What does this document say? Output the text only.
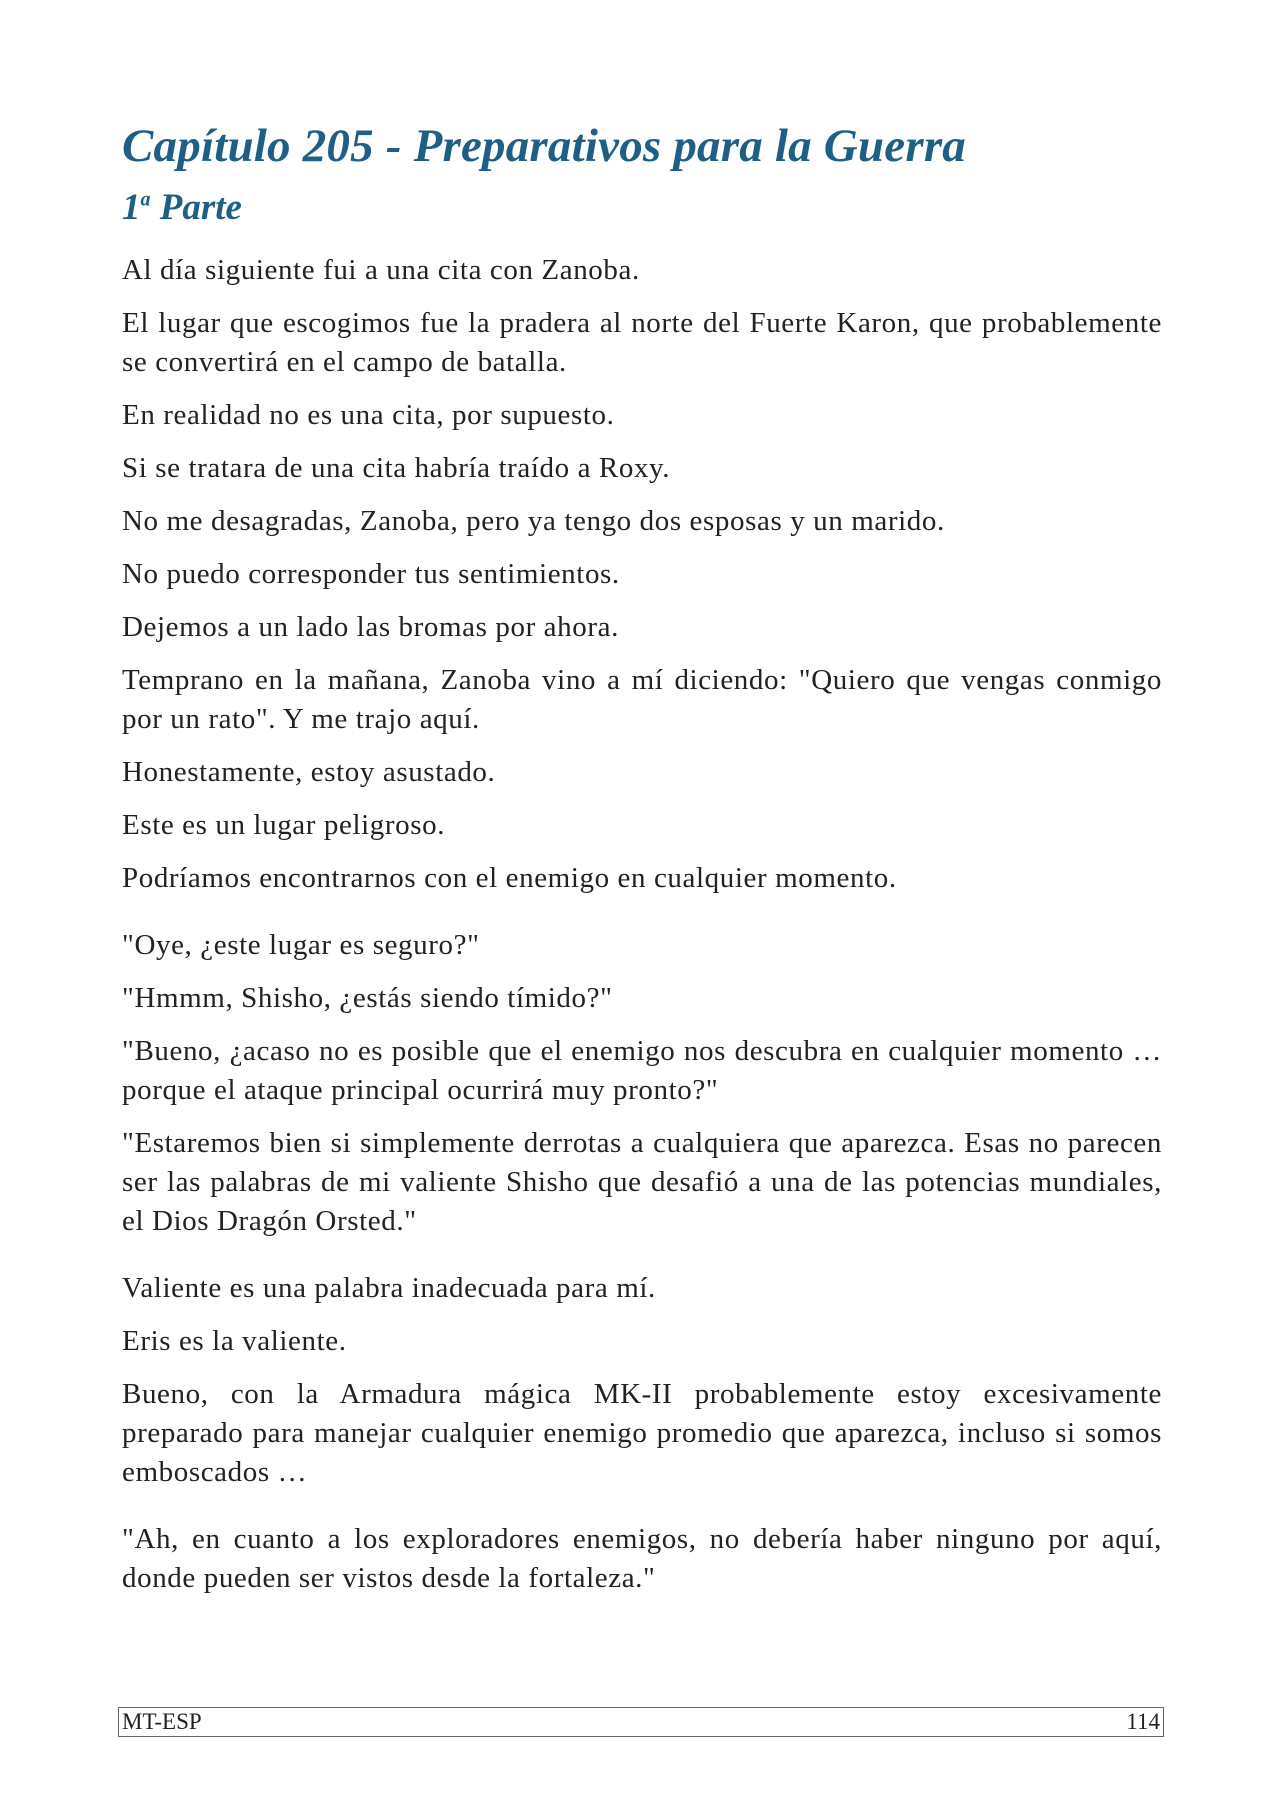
Capítulo 205 - Preparativos para la Guerra
1$^a$ Parte

Al día siguiente fui a una cita con Zanoba.

El lugar que escogimos fue la pradera al norte del Fuerte Karon, que probablemente se convertirá en el campo de batalla.

En realidad no es una cita, por supuesto.

Si se tratara de una cita habría traído a Roxy.

No me desagradas, Zanoba, pero ya tengo dos esposas y un marido.

No puedo corresponder tus sentimientos.

Dejemos a un lado las bromas por ahora.

Temprano en la mañana, Zanoba vino a mí diciendo: "Quiero que vengas conmigo por un rato". Y me trajo aquí.

Honestamente, estoy asustado.

Este es un lugar peligroso.

Podríamos encontrarnos con el enemigo en cualquier momento.

"Oye, ¿este lugar es seguro?"

"Hmmm, Shisho, ¿estás siendo tímido?"

"Bueno, ¿acaso no es posible que el enemigo nos descubra en cualquier momento … porque el ataque principal ocurrirá muy pronto?"

"Estaremos bien si simplemente derrotas a cualquiera que aparezca. Esas no parecen ser las palabras de mi valiente Shisho que desafió a una de las potencias mundiales, el Dios Dragón Orsted."

Valiente es una palabra inadecuada para mí.

Eris es la valiente.

Bueno, con la Armadura mágica MK-II probablemente estoy excesivamente preparado para manejar cualquier enemigo promedio que aparezca, incluso si somos emboscados …

"Ah, en cuanto a los exploradores enemigos, no debería haber ninguno por aquí, donde pueden ser vistos desde la fortaleza."

MT-ESP	114
